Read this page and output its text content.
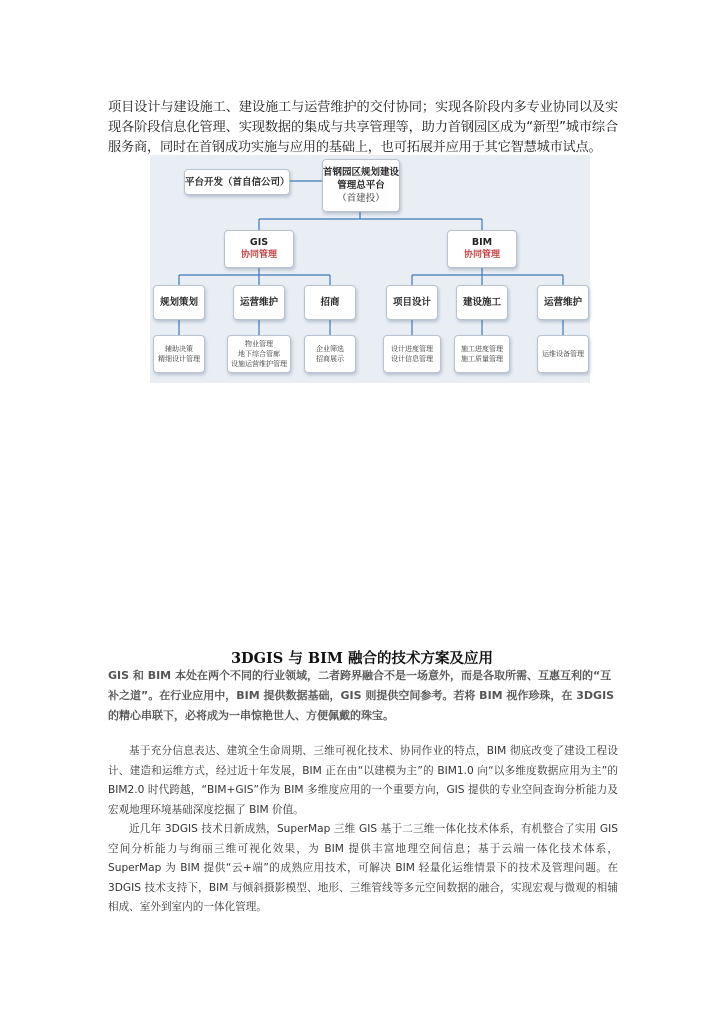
项目设计与建设施工、建设施工与运营维护的交付协同；实现各阶段内多专业协同以及实现各阶段信息化管理、实现数据的集成与共享管理等，助力首钢园区成为“新型”城市综合服务商，同时在首钢成功实施与应用的基础上，也可拓展并应用于其它智慧城市试点。
平台开发（首自信公司）
首钢园区规划建设
管理总平台
（首建投）
GIS
协同管理
BIM
协同管理
规划策划	运营维护	招商	项目设计	建设施工	运营维护
辅助决策
精细设计管理
物业管理
地下综合管廊
设施运营维护管理
企业筛选
招商展示
设计进度管理
设计信息管理
施工进度管理
施工质量管理
运维设备管理
3DGIS 与 BIM 融合的技术方案及应用
GIS 和 BIM 本处在两个不同的行业领域，二者跨界融合不是一场意外，而是各取所需、互惠互利的“互补之道”。在行业应用中，BIM 提供数据基础，GIS 则提供空间参考。若将 BIM 视作珍珠，在 3DGIS 的精心串联下，必将成为一串惊艳世人、方便佩戴的珠宝。
基于充分信息表达、建筑全生命周期、三维可视化技术、协同作业的特点，BIM 彻底改变了建设工程设计、建造和运维方式，经过近十年发展，BIM 正在由“以建模为主”的 BIM1.0 向“以多维度数据应用为主”的 BIM2.0 时代跨越，“BIM+GIS”作为 BIM 多维度应用的一个重要方向，GIS 提供的专业空间查询分析能力及宏观地理环境基础深度挖掘了 BIM 价值。
近几年 3DGIS 技术日新成熟，SuperMap 三维 GIS 基于二三维一体化技术体系，有机整合了实用 GIS 空间分析能力与绚丽三维可视化效果，为 BIM 提供丰富地理空间信息；基于云端一体化技术体系，SuperMap 为 BIM 提供“云+端”的成熟应用技术，可解决 BIM 轻量化运维情景下的技术及管理问题。在 3DGIS 技术支持下，BIM 与倾斜摄影模型、地形、三维管线等多元空间数据的融合，实现宏观与微观的相辅相成、室外到室内的一体化管理。
